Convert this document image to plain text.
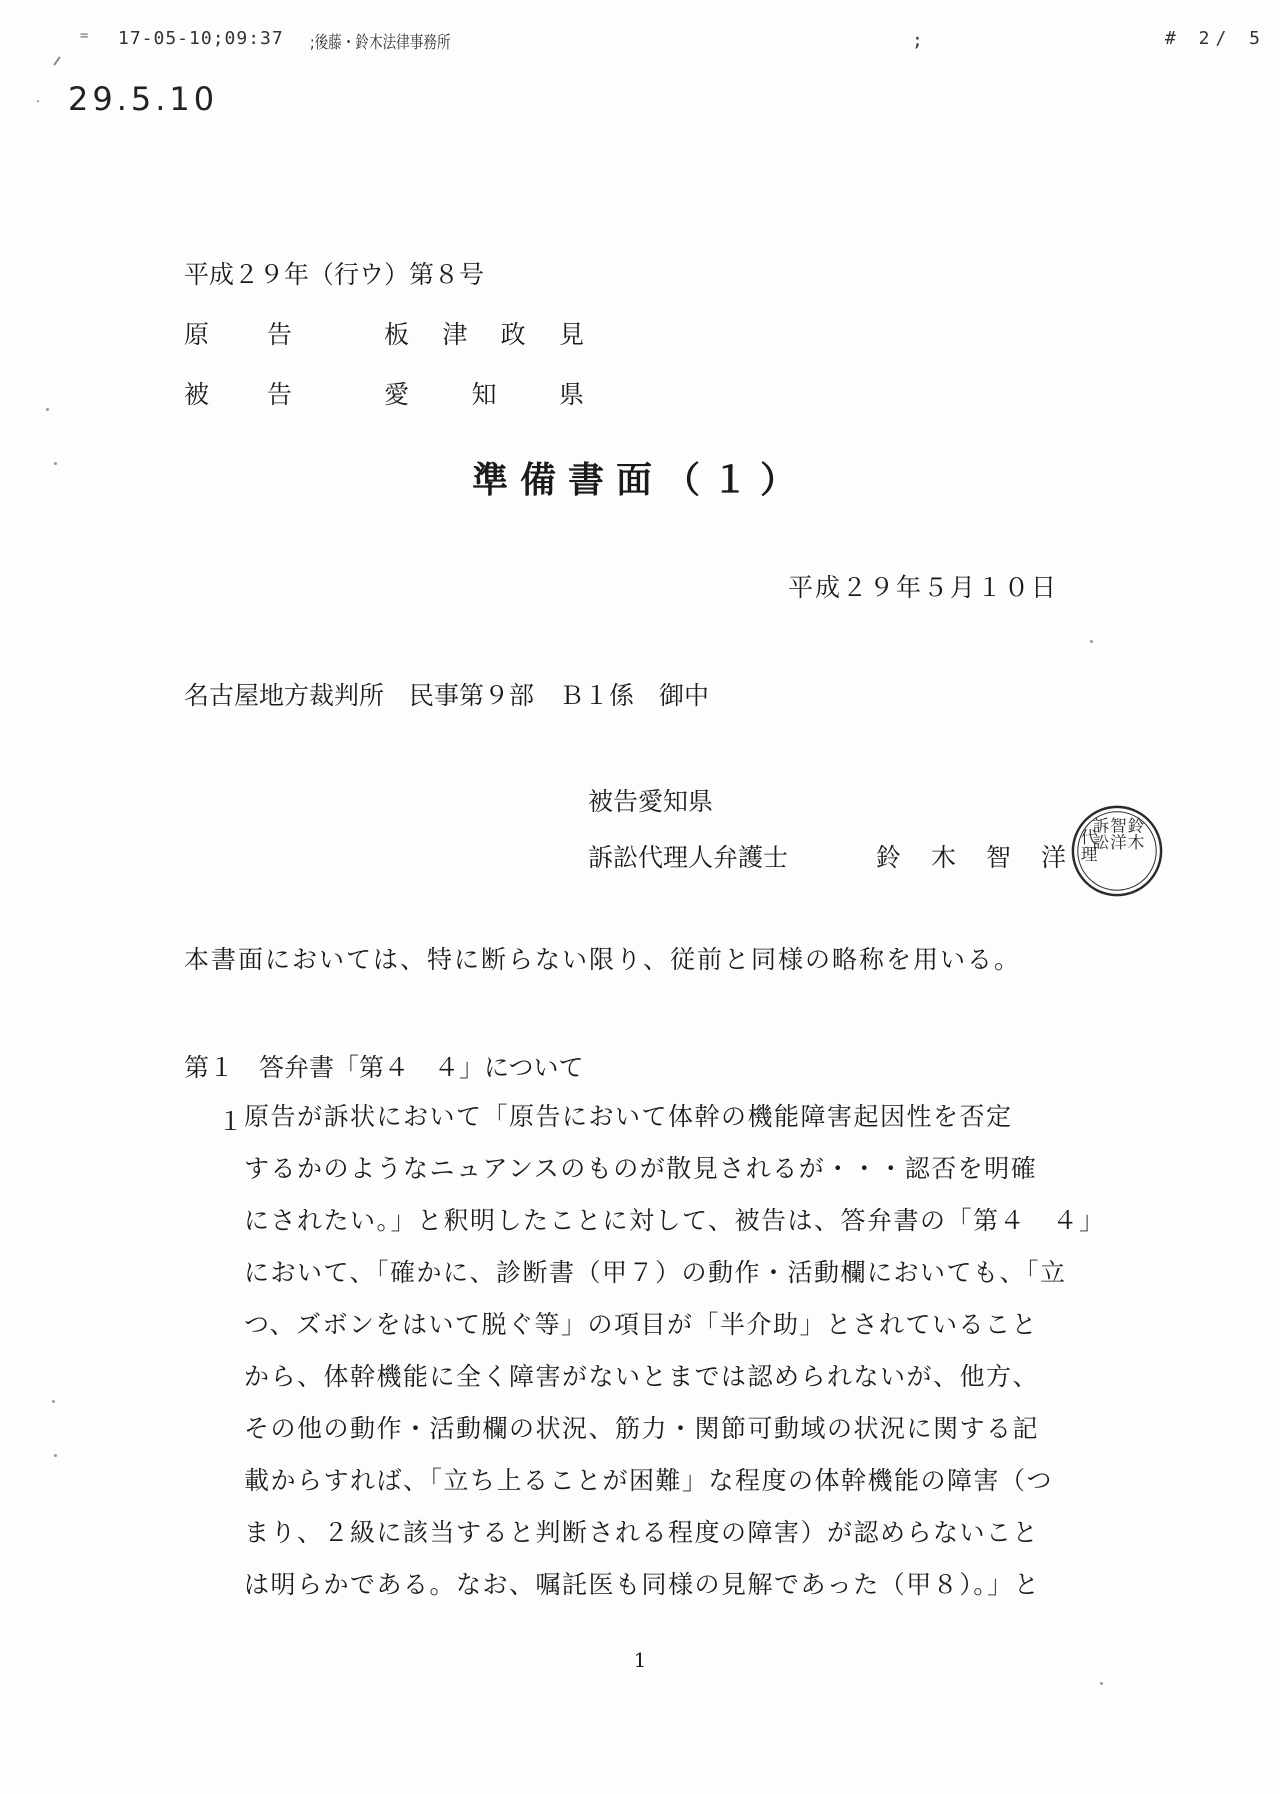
= 17-05-10;09:37 ;後藤・鈴木法律事務所	;	# 2/ 5
⸱ 29.5.10
平成２９年（行ウ）第８号
原 告	板 津 政 見
被 告	愛 知 県
準備書面（１）
平成２９年５月１０日
名古屋地方裁判所　民事第９部　Ｂ１係　御中
被告愛知県
訴訟代理人弁護士	鈴 木 智 洋
鈴木
智洋
訴訟
代理
本書面においては、特に断らない限り、従前と同様の略称を用いる。
第１　答弁書「第４　４」について
１ 原告が訴状において「原告において体幹の機能障害起因性を否定
するかのようなニュアンスのものが散見されるが・・・認否を明確
にされたい。」と釈明したことに対して、被告は、答弁書の「第４　４」
において、「確かに、診断書（甲７）の動作・活動欄においても、「立
つ、ズボンをはいて脱ぐ等」の項目が「半介助」とされていること
から、体幹機能に全く障害がないとまでは認められないが、他方、
その他の動作・活動欄の状況、筋力・関節可動域の状況に関する記
載からすれば、「立ち上ることが困難」な程度の体幹機能の障害（つ
まり、２級に該当すると判断される程度の障害）が認めらないこと
は明らかである。なお、嘱託医も同様の見解であった（甲８）。」と
1
